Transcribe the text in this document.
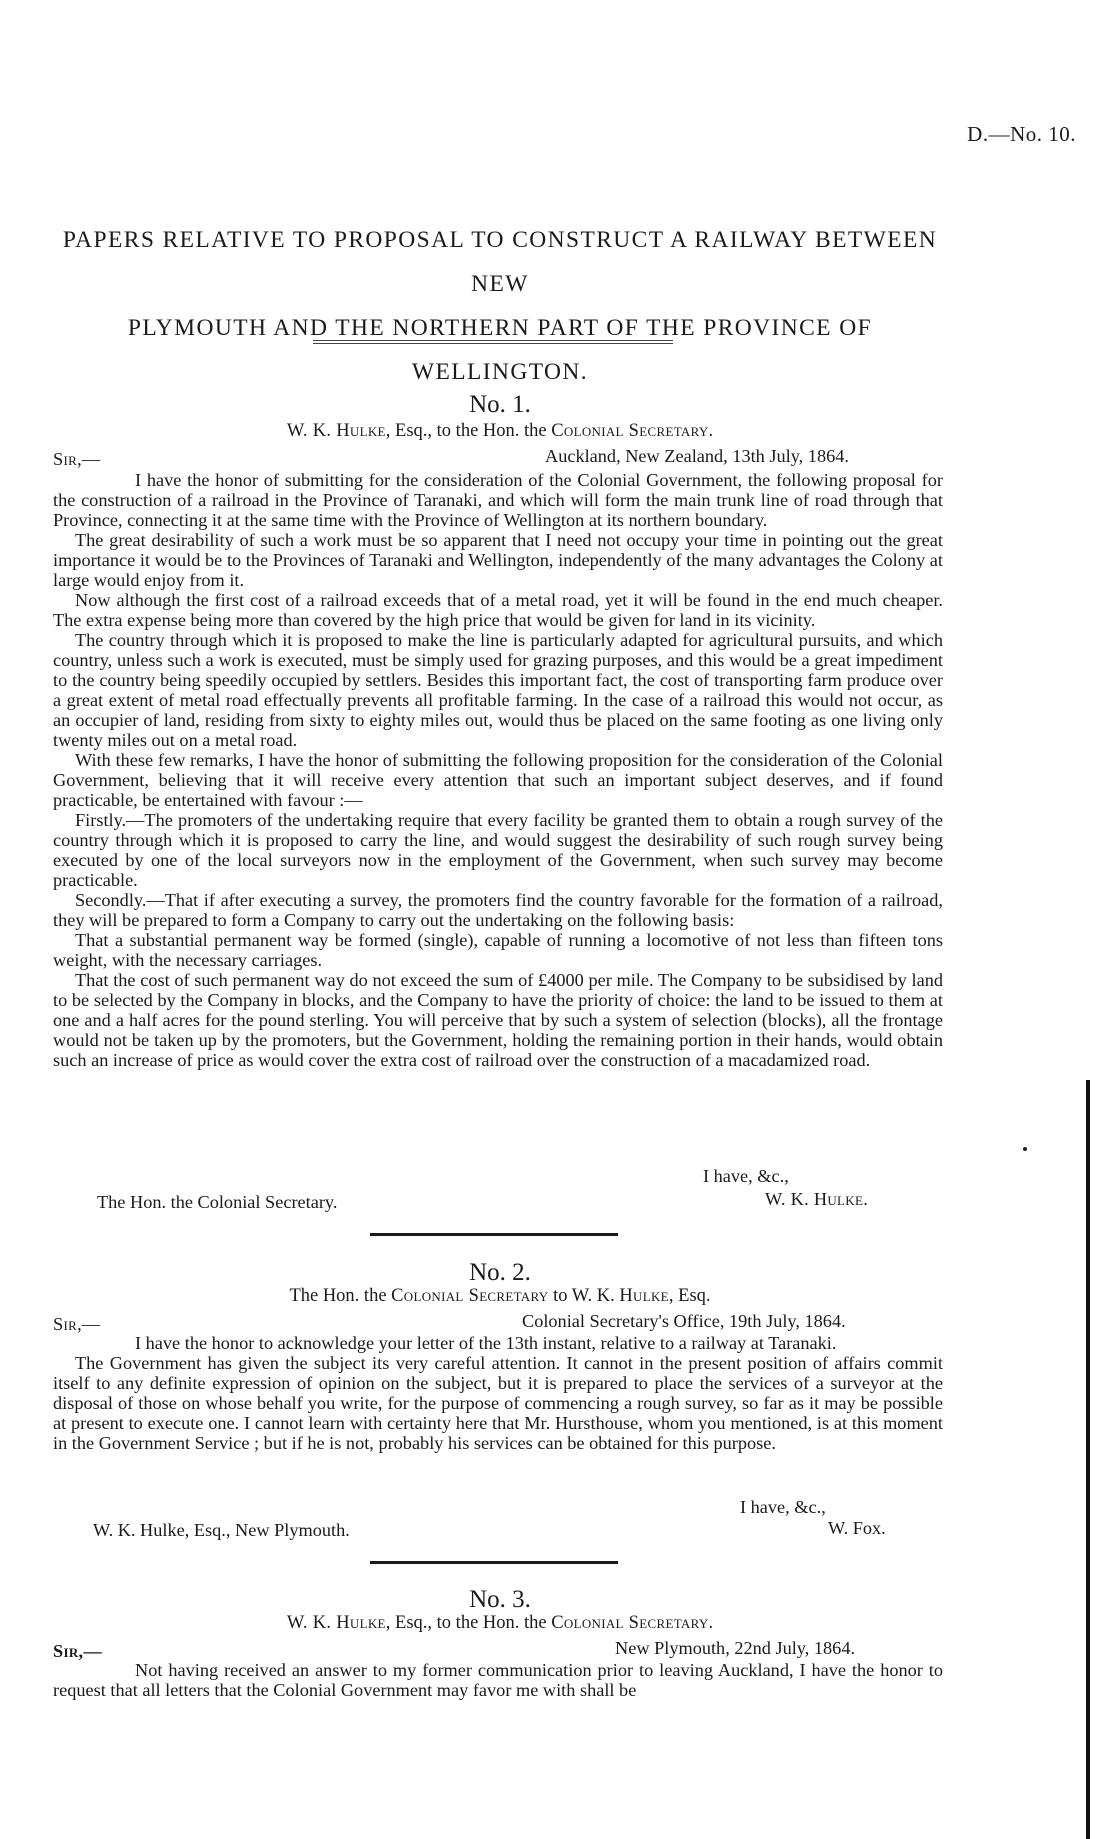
D.—No. 10.
PAPERS RELATIVE TO PROPOSAL TO CONSTRUCT A RAILWAY BETWEEN NEW
PLYMOUTH AND THE NORTHERN PART OF THE PROVINCE OF WELLINGTON.
No. 1.
W. K. Hulke, Esq., to the Hon. the Colonial Secretary.
Sir,—	Auckland, New Zealand, 13th July, 1864.

I have the honor of submitting for the consideration of the Colonial Government, the following proposal for the construction of a railroad in the Province of Taranaki, and which will form the main trunk line of road through that Province, connecting it at the same time with the Province of Wellington at its northern boundary.

The great desirability of such a work must be so apparent that I need not occupy your time in pointing out the great importance it would be to the Provinces of Taranaki and Wellington, independently of the many advantages the Colony at large would enjoy from it.

Now although the first cost of a railroad exceeds that of a metal road, yet it will be found in the end much cheaper. The extra expense being more than covered by the high price that would be given for land in its vicinity.

The country through which it is proposed to make the line is particularly adapted for agricultural pursuits, and which country, unless such a work is executed, must be simply used for grazing purposes, and this would be a great impediment to the country being speedily occupied by settlers. Besides this important fact, the cost of transporting farm produce over a great extent of metal road effectually prevents all profitable farming. In the case of a railroad this would not occur, as an occupier of land, residing from sixty to eighty miles out, would thus be placed on the same footing as one living only twenty miles out on a metal road.

With these few remarks, I have the honor of submitting the following proposition for the consideration of the Colonial Government, believing that it will receive every attention that such an important subject deserves, and if found practicable, be entertained with favour :—

Firstly.—The promoters of the undertaking require that every facility be granted them to obtain a rough survey of the country through which it is proposed to carry the line, and would suggest the desirability of such rough survey being executed by one of the local surveyors now in the employment of the Government, when such survey may become practicable.

Secondly.—That if after executing a survey, the promoters find the country favorable for the formation of a railroad, they will be prepared to form a Company to carry out the undertaking on the following basis:

That a substantial permanent way be formed (single), capable of running a locomotive of not less than fifteen tons weight, with the necessary carriages.

That the cost of such permanent way do not exceed the sum of £4000 per mile. The Company to be subsidised by land to be selected by the Company in blocks, and the Company to have the priority of choice: the land to be issued to them at one and a half acres for the pound sterling. You will perceive that by such a system of selection (blocks), all the frontage would not be taken up by the promoters, but the Government, holding the remaining portion in their hands, would obtain such an increase of price as would cover the extra cost of railroad over the construction of a macadamized road.

I have, &c.,
The Hon. the Colonial Secretary.	W. K. Hulke.
No. 2.
The Hon. the Colonial Secretary to W. K. Hulke, Esq.
Sir,—	Colonial Secretary's Office, 19th July, 1864.

I have the honor to acknowledge your letter of the 13th instant, relative to a railway at Taranaki.

The Government has given the subject its very careful attention. It cannot in the present position of affairs commit itself to any definite expression of opinion on the subject, but it is prepared to place the services of a surveyor at the disposal of those on whose behalf you write, for the purpose of commencing a rough survey, so far as it may be possible at present to execute one. I cannot learn with certainty here that Mr. Hursthouse, whom you mentioned, is at this moment in the Government Service ; but if he is not, probably his services can be obtained for this purpose.

I have, &c.,
W. K. Hulke, Esq., New Plymouth.	W. Fox.
No. 3.
W. K. Hulke, Esq., to the Hon. the Colonial Secretary.
Sir,—	New Plymouth, 22nd July, 1864.

Not having received an answer to my former communication prior to leaving Auckland, I have the honor to request that all letters that the Colonial Government may favor me with shall be
